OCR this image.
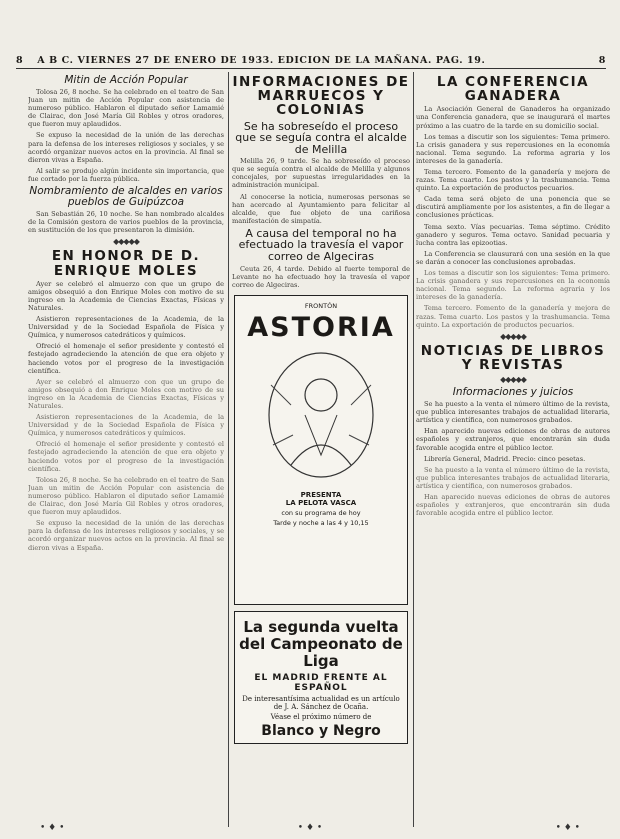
8 A B C. VIERNES 27 DE ENERO DE 1933. EDICION DE LA MAÑANA. PAG. 19.	8
Mitin de Acción Popular

Tolosa 26, 8 noche. Se ha celebrado en el teatro de San Juan un mitin de Acción Popular con asistencia de numeroso público. Hablaron el diputado señor Lamamié de Clairac, don José María Gil Robles y otros oradores, que fueron muy aplaudidos.

Se expuso la necesidad de la unión de las derechas para la defensa de los intereses religiosos y sociales, y se acordó organizar nuevos actos en la provincia. Al final se dieron vivas a España.

Al salir se produjo algún incidente sin importancia, que fue cortado por la fuerza pública.

Nombramiento de alcaldes en varios pueblos de Guipúzcoa

San Sebastián 26, 10 noche. Se han nombrado alcaldes de la Comisión gestora de varios pueblos de la provincia, en sustitución de los que presentaron la dimisión.

◆◆◆◆◆
EN HONOR DE D. ENRIQUE MOLES

Ayer se celebró el almuerzo con que un grupo de amigos obsequió a don Enrique Moles con motivo de su ingreso en la Academia de Ciencias Exactas, Físicas y Naturales.

Asistieron representaciones de la Academia, de la Universidad y de la Sociedad Española de Física y Química, y numerosos catedráticos y químicos.

Ofreció el homenaje el señor presidente y contestó el festejado agradeciendo la atención de que era objeto y haciendo votos por el progreso de la investigación científica.

Ayer se celebró el almuerzo con que un grupo de amigos obsequió a don Enrique Moles con motivo de su ingreso en la Academia de Ciencias Exactas, Físicas y Naturales.

Asistieron representaciones de la Academia, de la Universidad y de la Sociedad Española de Física y Química, y numerosos catedráticos y químicos.

Ofreció el homenaje el señor presidente y contestó el festejado agradeciendo la atención de que era objeto y haciendo votos por el progreso de la investigación científica.

Tolosa 26, 8 noche. Se ha celebrado en el teatro de San Juan un mitin de Acción Popular con asistencia de numeroso público. Hablaron el diputado señor Lamamié de Clairac, don José María Gil Robles y otros oradores, que fueron muy aplaudidos.

Se expuso la necesidad de la unión de las derechas para la defensa de los intereses religiosos y sociales, y se acordó organizar nuevos actos en la provincia. Al final se dieron vivas a España.

INFORMACIONES DE MARRUECOS Y COLONIAS
Se ha sobreseído el proceso que se seguía contra el alcalde de Melilla

Melilla 26, 9 tarde. Se ha sobreseído el proceso que se seguía contra el alcalde de Melilla y algunos concejales, por supuestas irregularidades en la administración municipal.

Al conocerse la noticia, numerosas personas se han acercado al Ayuntamiento para felicitar al alcalde, que fue objeto de una cariñosa manifestación de simpatía.

A causa del temporal no ha efectuado la travesía el vapor correo de Algeciras

Ceuta 26, 4 tarde. Debido al fuerte temporal de Levante no ha efectuado hoy la travesía el vapor correo de Algeciras.

FRONTÓN
ASTORIA
PRESENTA
LA PELOTA VASCA
con su programa de hoy
Tarde y noche a las 4 y 10,15
La segunda vuelta del Campeonato de Liga
EL MADRID FRENTE AL ESPAÑOL
De interesantísima actualidad es un artículo de J. A. Sánchez de Ocaña.
Véase el próximo número de
Blanco y Negro
LA CONFERENCIA GANADERA

La Asociación General de Ganaderos ha organizado una Conferencia ganadera, que se inaugurará el martes próximo a las cuatro de la tarde en su domicilio social.

Los temas a discutir son los siguientes: Tema primero. La crisis ganadera y sus repercusiones en la economía nacional. Tema segundo. La reforma agraria y los intereses de la ganadería.

Tema tercero. Fomento de la ganadería y mejora de razas. Tema cuarto. Los pastos y la trashumancia. Tema quinto. La exportación de productos pecuarios.

Cada tema será objeto de una ponencia que se discutirá ampliamente por los asistentes, a fin de llegar a conclusiones prácticas.

Tema sexto. Vías pecuarias. Tema séptimo. Crédito ganadero y seguros. Tema octavo. Sanidad pecuaria y lucha contra las epizootias.

La Conferencia se clausurará con una sesión en la que se darán a conocer las conclusiones aprobadas.

Los temas a discutir son los siguientes: Tema primero. La crisis ganadera y sus repercusiones en la economía nacional. Tema segundo. La reforma agraria y los intereses de la ganadería.

Tema tercero. Fomento de la ganadería y mejora de razas. Tema cuarto. Los pastos y la trashumancia. Tema quinto. La exportación de productos pecuarios.

◆◆◆◆◆
NOTICIAS DE LIBROS Y REVISTAS
◆◆◆◆◆
Informaciones y juicios

Se ha puesto a la venta el número último de la revista, que publica interesantes trabajos de actualidad literaria, artística y científica, con numerosos grabados.

Han aparecido nuevas ediciones de obras de autores españoles y extranjeros, que encontrarán sin duda favorable acogida entre el público lector.

Librería General, Madrid. Precio: cinco pesetas.

Se ha puesto a la venta el número último de la revista, que publica interesantes trabajos de actualidad literaria, artística y científica, con numerosos grabados.

Han aparecido nuevas ediciones de obras de autores españoles y extranjeros, que encontrarán sin duda favorable acogida entre el público lector.

• ♦ •	• ♦ •	• ♦ •
